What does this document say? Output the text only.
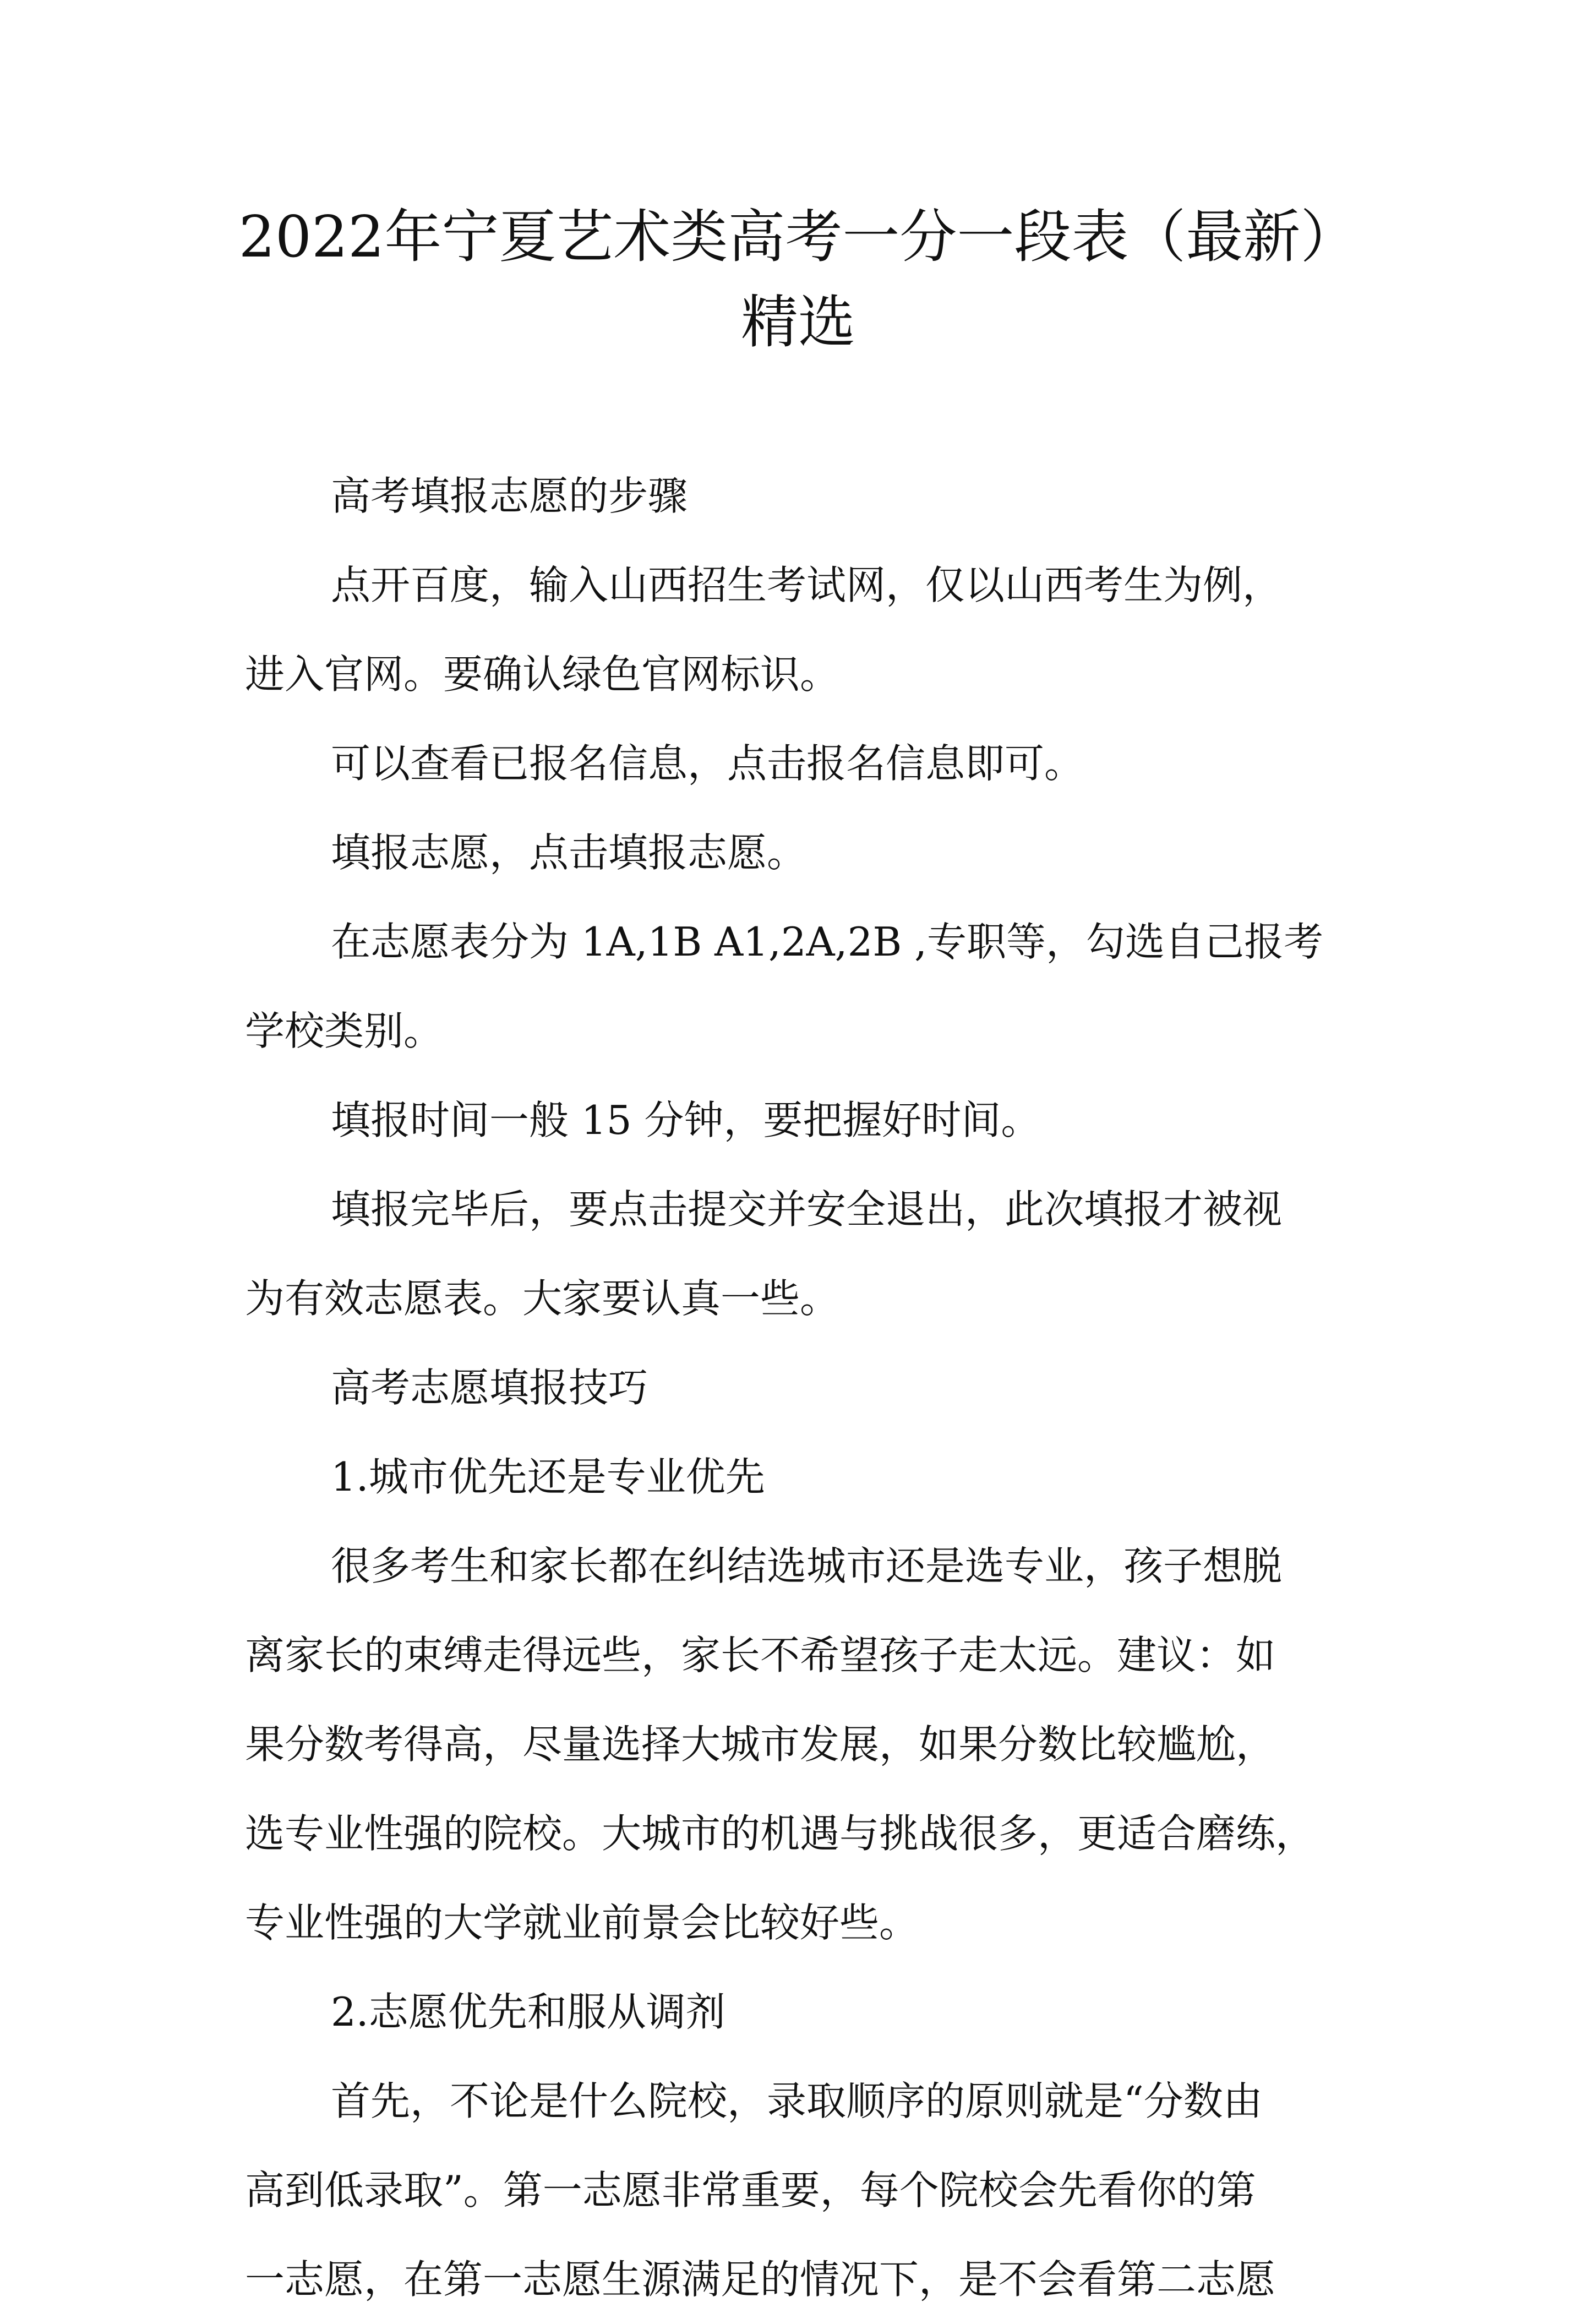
2022年宁夏艺术类高考一分一段表（最新）
精选
高考填报志愿的步骤
点开百度，输入山西招生考试网，仅以山西考生为例，
进入官网。要确认绿色官网标识。
可以查看已报名信息，点击报名信息即可。
填报志愿，点击填报志愿。
在志愿表分为 1A,1B A1,2A,2B ,专职等，勾选自己报考
学校类别。
填报时间一般 15 分钟，要把握好时间。
填报完毕后，要点击提交并安全退出，此次填报才被视
为有效志愿表。大家要认真一些。
高考志愿填报技巧
1.城市优先还是专业优先
很多考生和家长都在纠结选城市还是选专业，孩子想脱
离家长的束缚走得远些，家长不希望孩子走太远。建议：如
果分数考得高，尽量选择大城市发展，如果分数比较尴尬，
选专业性强的院校。大城市的机遇与挑战很多，更适合磨练，
专业性强的大学就业前景会比较好些。
2.志愿优先和服从调剂
首先，不论是什么院校，录取顺序的原则就是“分数由
高到低录取”。第一志愿非常重要，每个院校会先看你的第
一志愿，在第一志愿生源满足的情况下，是不会看第二志愿
